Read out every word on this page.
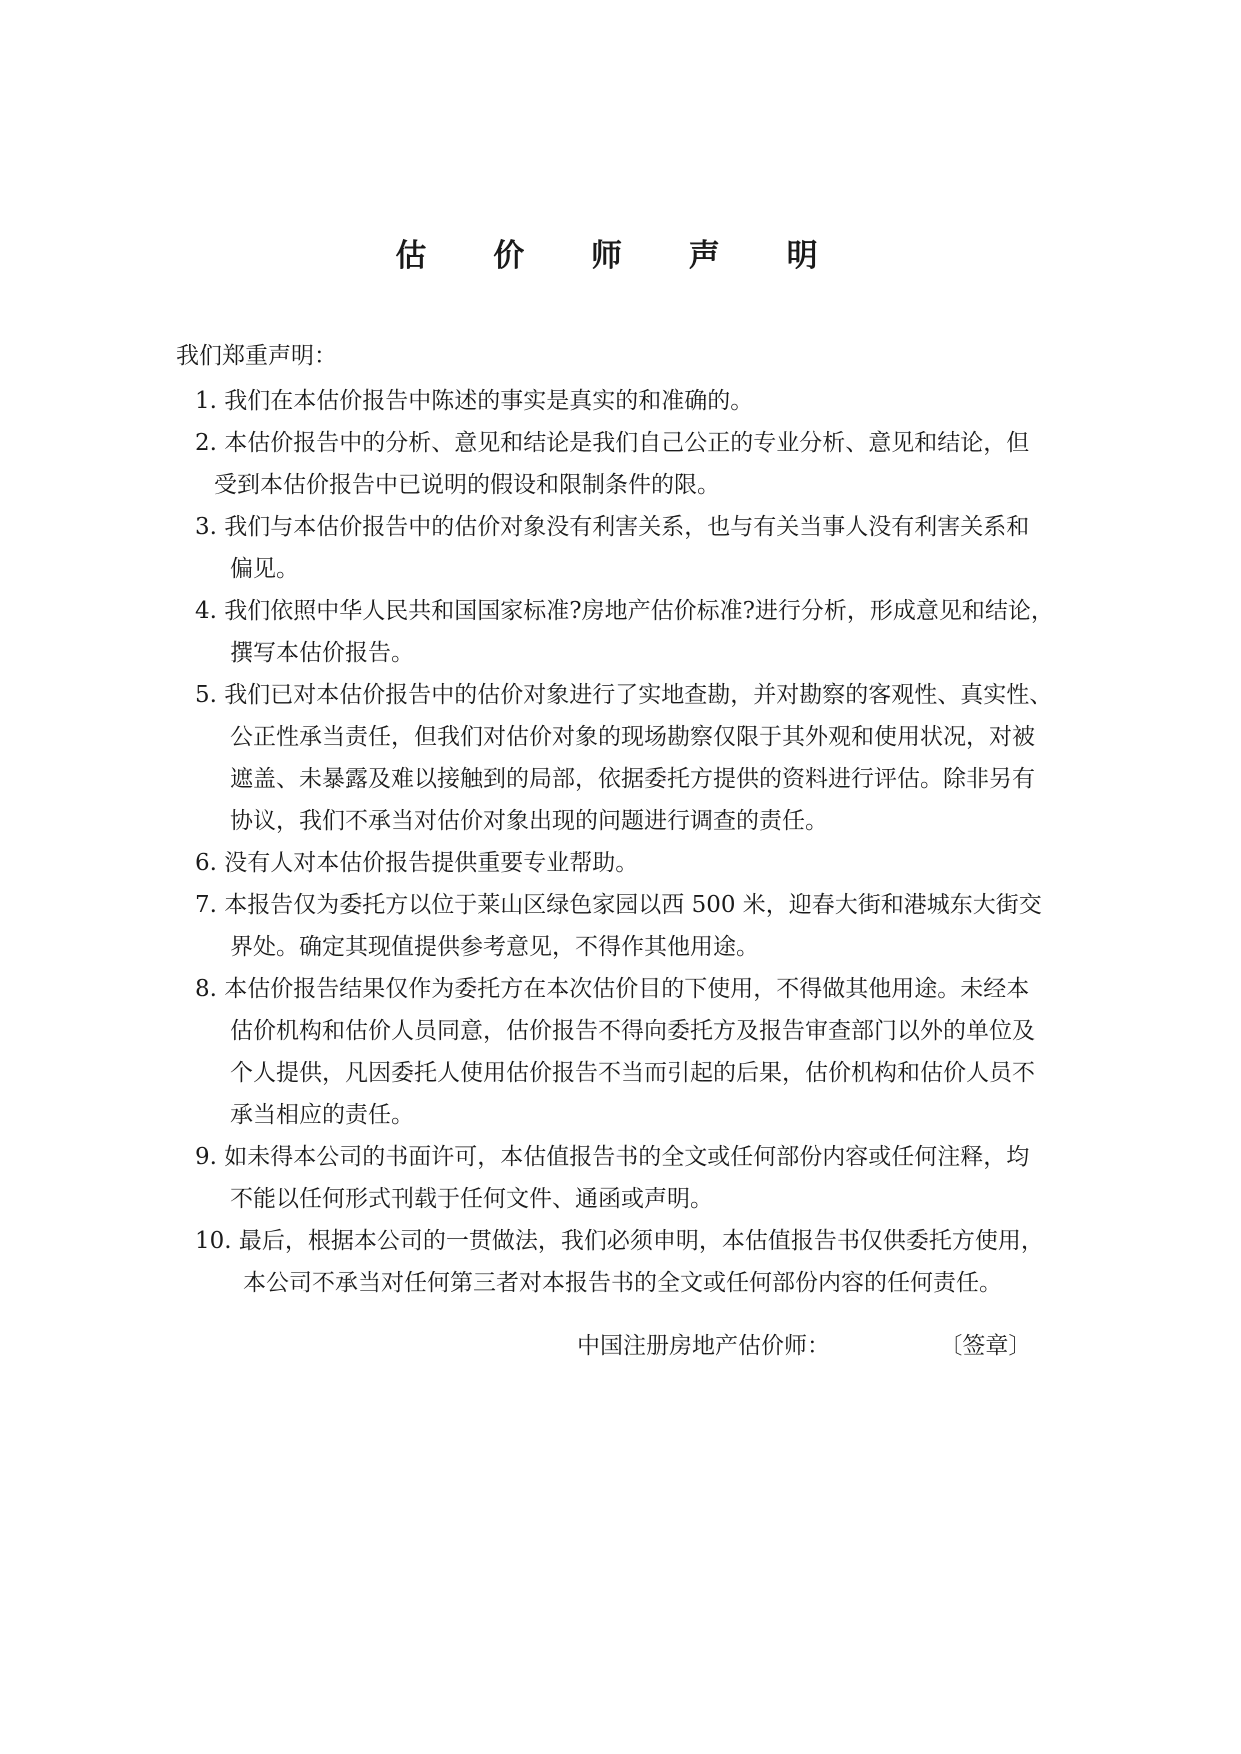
估 价 师 声 明
我们郑重声明：
1. 我们在本估价报告中陈述的事实是真实的和准确的。
2. 本估价报告中的分析、意见和结论是我们自己公正的专业分析、意见和结论，但
受到本估价报告中已说明的假设和限制条件的限。
3. 我们与本估价报告中的估价对象没有利害关系，也与有关当事人没有利害关系和
偏见。
4. 我们依照中华人民共和国国家标准?房地产估价标准?进行分析，形成意见和结论，
撰写本估价报告。
5. 我们已对本估价报告中的估价对象进行了实地查勘，并对勘察的客观性、真实性、
公正性承当责任，但我们对估价对象的现场勘察仅限于其外观和使用状况，对被
遮盖、未暴露及难以接触到的局部，依据委托方提供的资料进行评估。除非另有
协议，我们不承当对估价对象出现的问题进行调查的责任。
6. 没有人对本估价报告提供重要专业帮助。
7. 本报告仅为委托方以位于莱山区绿色家园以西 500 米，迎春大街和港城东大街交
界处。确定其现值提供参考意见，不得作其他用途。
8. 本估价报告结果仅作为委托方在本次估价目的下使用，不得做其他用途。未经本
估价机构和估价人员同意，估价报告不得向委托方及报告审查部门以外的单位及
个人提供，凡因委托人使用估价报告不当而引起的后果，估价机构和估价人员不
承当相应的责任。
9. 如未得本公司的书面许可，本估值报告书的全文或任何部份内容或任何注释，均
不能以任何形式刊载于任何文件、通函或声明。
10. 最后，根据本公司的一贯做法，我们必须申明，本估值报告书仅供委托方使用，
本公司不承当对任何第三者对本报告书的全文或任何部份内容的任何责任。
中国注册房地产估价师：	〔签章〕
